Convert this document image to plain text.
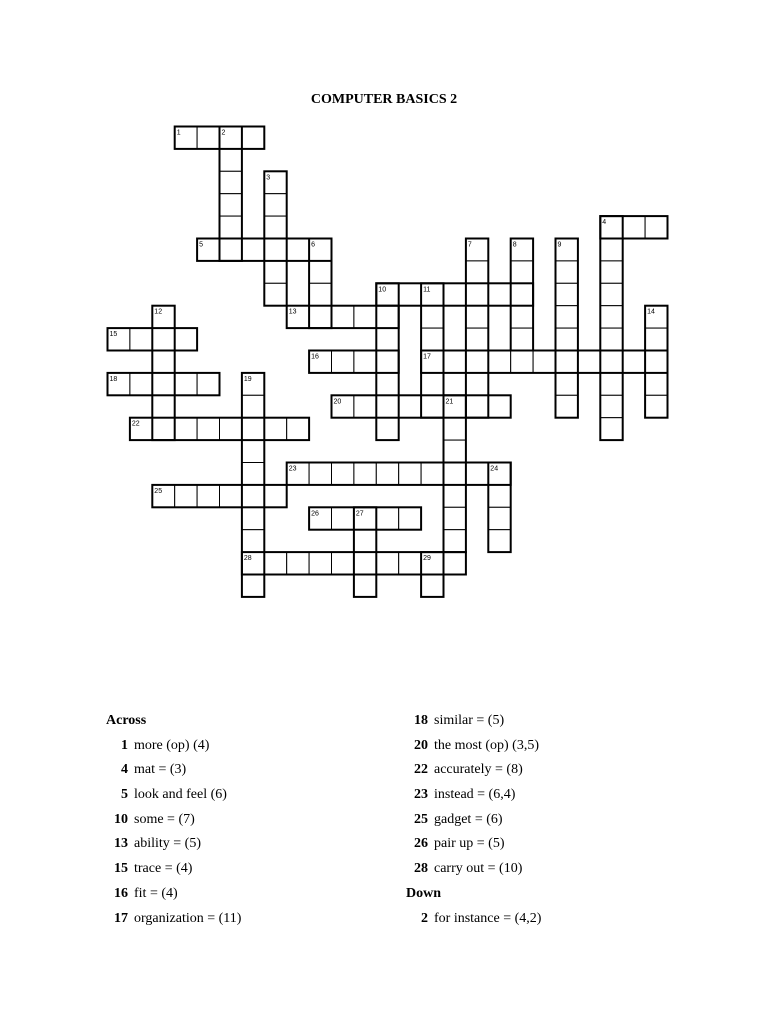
COMPUTER BASICS 2
1
4
5
10
13
15
16	17
18
20
22
23
25
26
28
2
3
6	7	8	9
11
12	14
19
21
24
27
29
Across
1 more (op) (4)
4 mat = (3)
5 look and feel (6)
10 some = (7)
13 ability = (5)
15 trace = (4)
16 fit = (4)
17 organization = (11)
18 similar = (5)
20 the most (op) (3,5)
22 accurately = (8)
23 instead = (6,4)
25 gadget = (6)
26 pair up = (5)
28 carry out = (10)
Down
2 for instance = (4,2)
